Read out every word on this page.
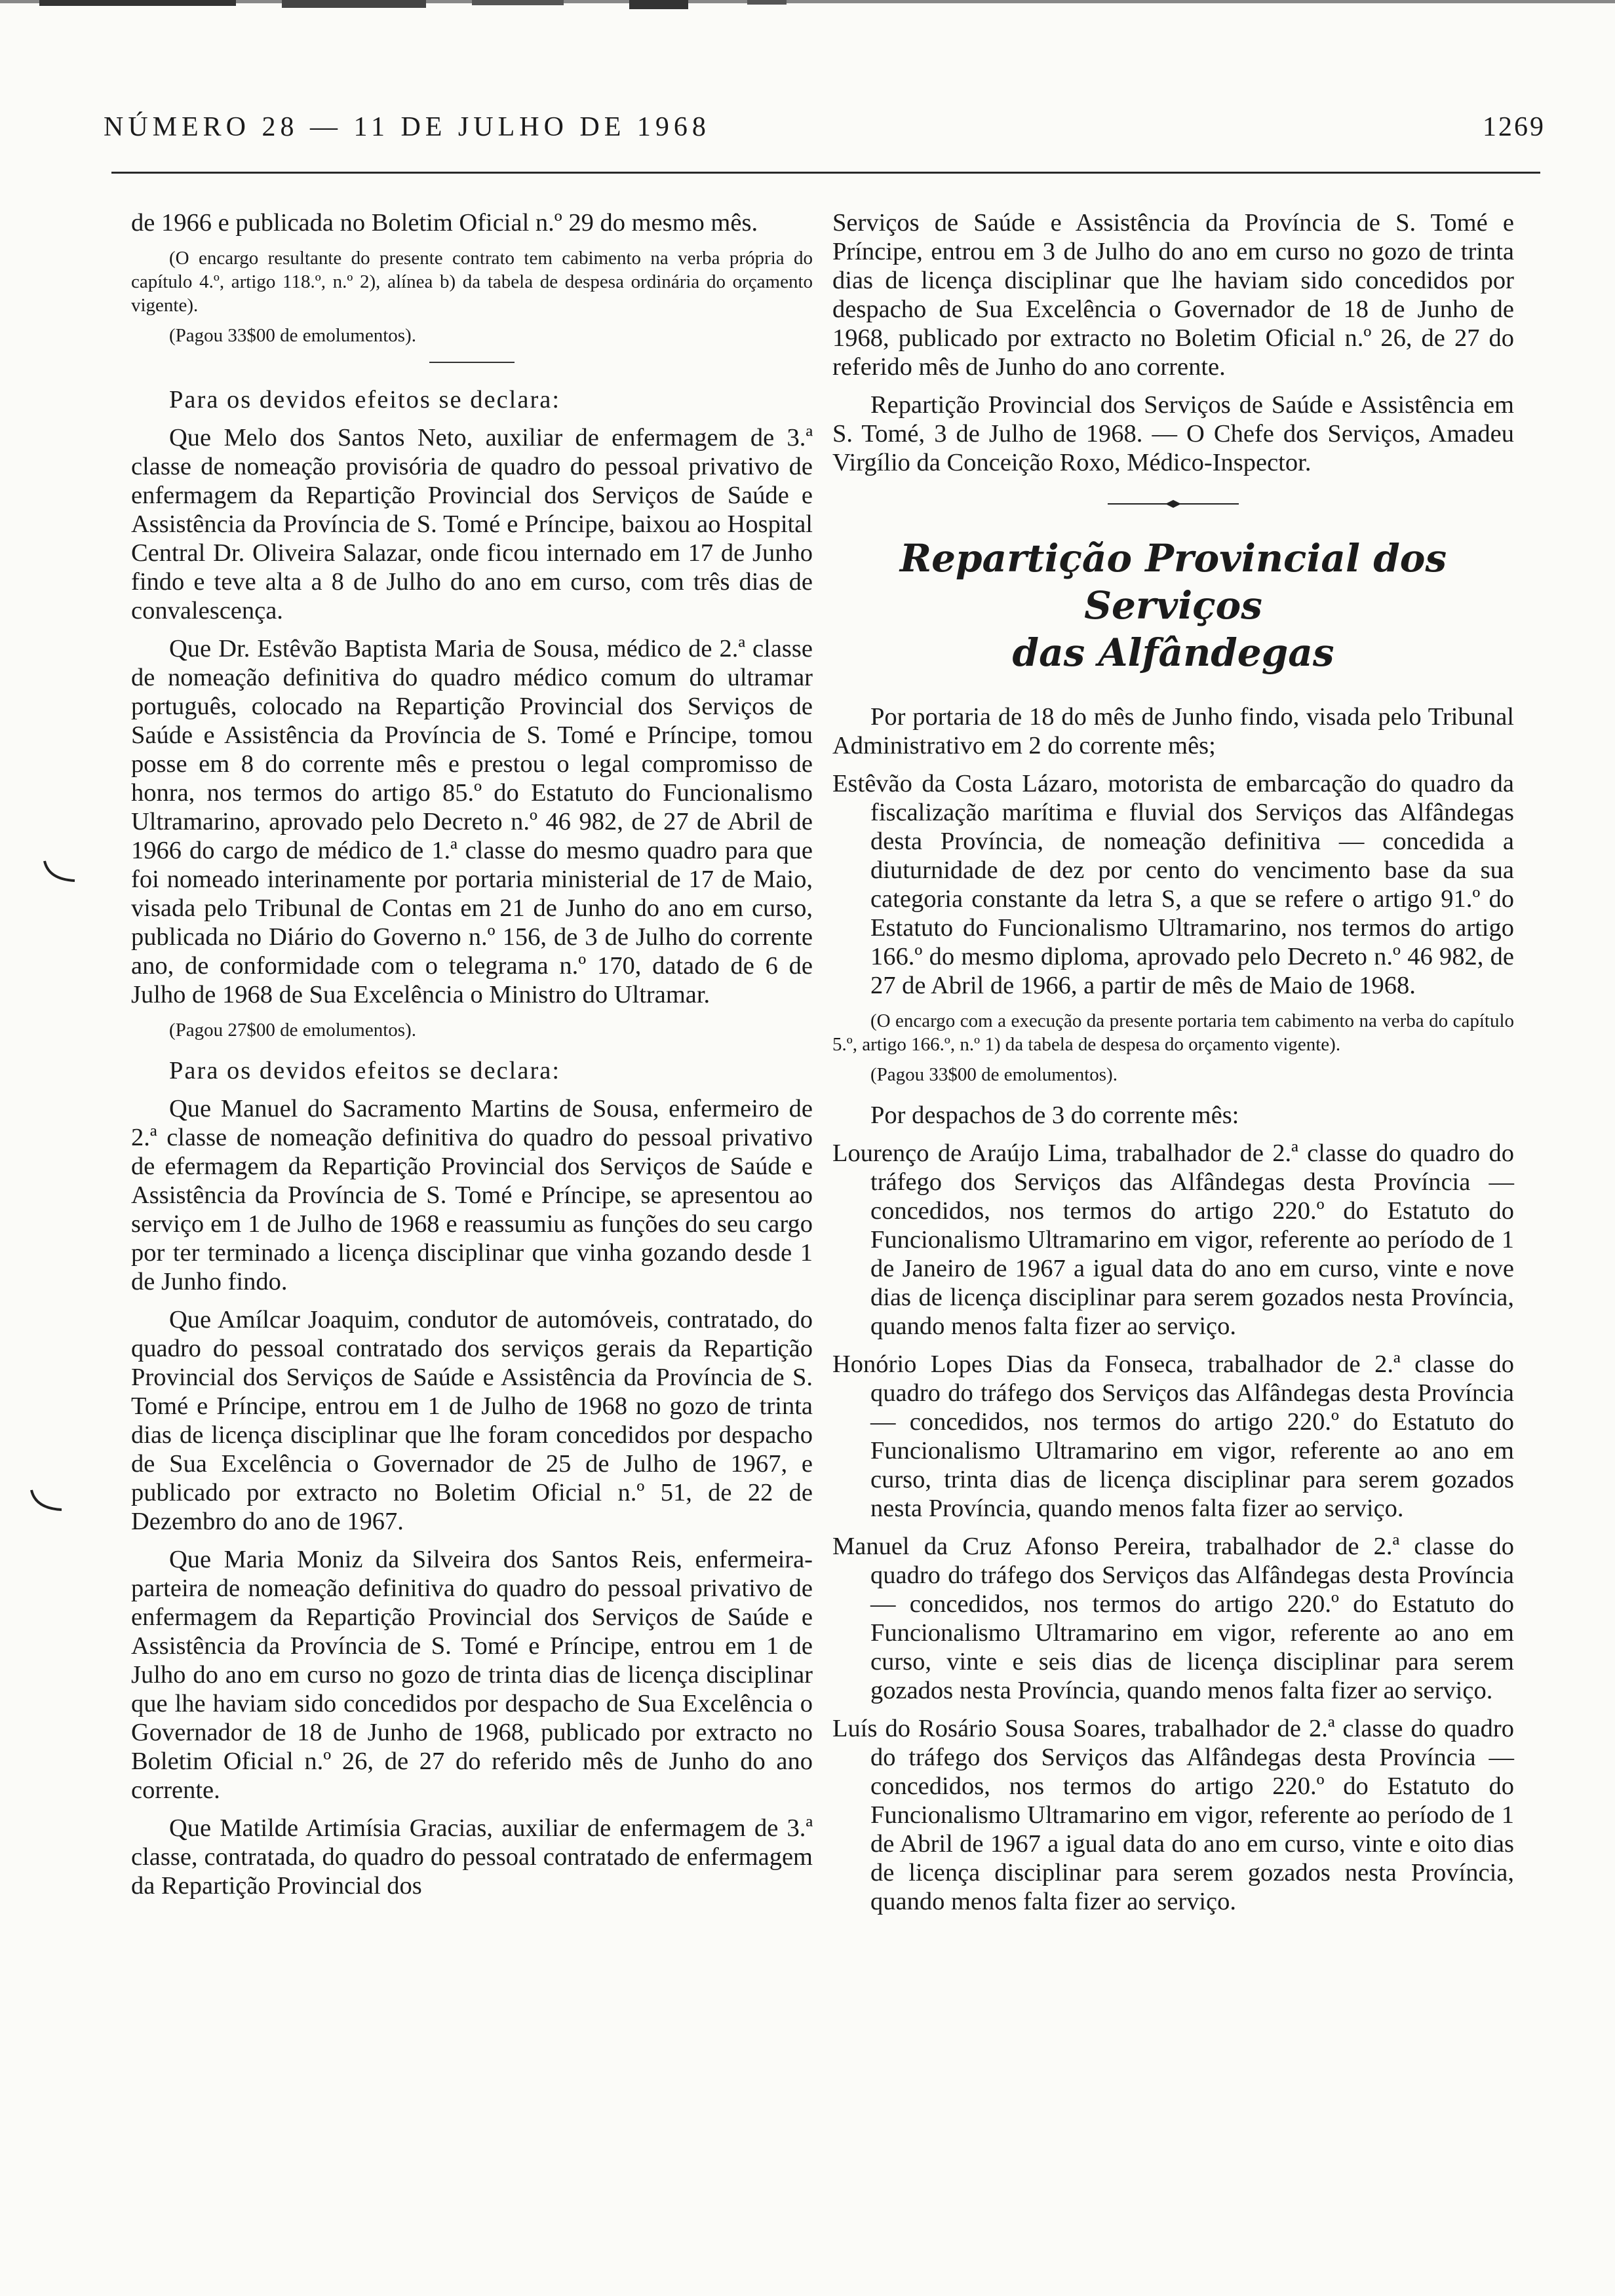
NÚMERO 28 — 11 DE JULHO DE 1968	1269

de 1966 e publicada no Boletim Oficial n.º 29 do mesmo mês.

(O encargo resultante do presente contrato tem cabimento na verba própria do capítulo 4.º, artigo 118.º, n.º 2), alínea b) da tabela de despesa ordinária do orçamento vigente).

(Pagou 33$00 de emolumentos).

Para os devidos efeitos se declara:

Que Melo dos Santos Neto, auxiliar de enfermagem de 3.ª classe de nomeação provisória de quadro do pessoal privativo de enfermagem da Repartição Provincial dos Serviços de Saúde e Assistência da Província de S. Tomé e Príncipe, baixou ao Hospital Central Dr. Oliveira Salazar, onde ficou internado em 17 de Junho findo e teve alta a 8 de Julho do ano em curso, com três dias de convalescença.

Que Dr. Estêvão Baptista Maria de Sousa, médico de 2.ª classe de nomeação definitiva do quadro médico comum do ultramar português, colocado na Repartição Provincial dos Serviços de Saúde e Assistência da Província de S. Tomé e Príncipe, tomou posse em 8 do corrente mês e prestou o legal compromisso de honra, nos termos do artigo 85.º do Estatuto do Funcionalismo Ultramarino, aprovado pelo Decreto n.º 46 982, de 27 de Abril de 1966 do cargo de médico de 1.ª classe do mesmo quadro para que foi nomeado interinamente por portaria ministerial de 17 de Maio, visada pelo Tribunal de Contas em 21 de Junho do ano em curso, publicada no Diário do Governo n.º 156, de 3 de Julho do corrente ano, de conformidade com o telegrama n.º 170, datado de 6 de Julho de 1968 de Sua Excelência o Ministro do Ultramar.

(Pagou 27$00 de emolumentos).

Para os devidos efeitos se declara:

Que Manuel do Sacramento Martins de Sousa, enfermeiro de 2.ª classe de nomeação definitiva do quadro do pessoal privativo de efermagem da Repartição Provincial dos Serviços de Saúde e Assistência da Província de S. Tomé e Príncipe, se apresentou ao serviço em 1 de Julho de 1968 e reassumiu as funções do seu cargo por ter terminado a licença disciplinar que vinha gozando desde 1 de Junho findo.

Que Amílcar Joaquim, condutor de automóveis, contratado, do quadro do pessoal contratado dos serviços gerais da Repartição Provincial dos Serviços de Saúde e Assistência da Província de S. Tomé e Príncipe, entrou em 1 de Julho de 1968 no gozo de trinta dias de licença disciplinar que lhe foram concedidos por despacho de Sua Excelência o Governador de 25 de Julho de 1967, e publicado por extracto no Boletim Oficial n.º 51, de 22 de Dezembro do ano de 1967.

Que Maria Moniz da Silveira dos Santos Reis, enfermeira-parteira de nomeação definitiva do quadro do pessoal privativo de enfermagem da Repartição Provincial dos Serviços de Saúde e Assistência da Província de S. Tomé e Príncipe, entrou em 1 de Julho do ano em curso no gozo de trinta dias de licença disciplinar que lhe haviam sido concedidos por despacho de Sua Excelência o Governador de 18 de Junho de 1968, publicado por extracto no Boletim Oficial n.º 26, de 27 do referido mês de Junho do ano corrente.

Que Matilde Artimísia Gracias, auxiliar de enfermagem de 3.ª classe, contratada, do quadro do pessoal contratado de enfermagem da Repartição Provincial dos

Serviços de Saúde e Assistência da Província de S. Tomé e Príncipe, entrou em 3 de Julho do ano em curso no gozo de trinta dias de licença disciplinar que lhe haviam sido concedidos por despacho de Sua Excelência o Governador de 18 de Junho de 1968, publicado por extracto no Boletim Oficial n.º 26, de 27 do referido mês de Junho do ano corrente.

Repartição Provincial dos Serviços de Saúde e Assistência em S. Tomé, 3 de Julho de 1968. — O Chefe dos Serviços, Amadeu Virgílio da Conceição Roxo, Médico-Inspector.

Repartição Provincial dos Serviços
das Alfândegas

Por portaria de 18 do mês de Junho findo, visada pelo Tribunal Administrativo em 2 do corrente mês;

Estêvão da Costa Lázaro, motorista de embarcação do quadro da fiscalização marítima e fluvial dos Serviços das Alfândegas desta Província, de nomeação definitiva — concedida a diuturnidade de dez por cento do vencimento base da sua categoria constante da letra S, a que se refere o artigo 91.º do Estatuto do Funcionalismo Ultramarino, nos termos do artigo 166.º do mesmo diploma, aprovado pelo Decreto n.º 46 982, de 27 de Abril de 1966, a partir de mês de Maio de 1968.

(O encargo com a execução da presente portaria tem cabimento na verba do capítulo 5.º, artigo 166.º, n.º 1) da tabela de despesa do orçamento vigente).

(Pagou 33$00 de emolumentos).

Por despachos de 3 do corrente mês:

Lourenço de Araújo Lima, trabalhador de 2.ª classe do quadro do tráfego dos Serviços das Alfândegas desta Província — concedidos, nos termos do artigo 220.º do Estatuto do Funcionalismo Ultramarino em vigor, referente ao período de 1 de Janeiro de 1967 a igual data do ano em curso, vinte e nove dias de licença disciplinar para serem gozados nesta Província, quando menos falta fizer ao serviço.

Honório Lopes Dias da Fonseca, trabalhador de 2.ª classe do quadro do tráfego dos Serviços das Alfândegas desta Província — concedidos, nos termos do artigo 220.º do Estatuto do Funcionalismo Ultramarino em vigor, referente ao ano em curso, trinta dias de licença disciplinar para serem gozados nesta Província, quando menos falta fizer ao serviço.

Manuel da Cruz Afonso Pereira, trabalhador de 2.ª classe do quadro do tráfego dos Serviços das Alfândegas desta Província — concedidos, nos termos do artigo 220.º do Estatuto do Funcionalismo Ultramarino em vigor, referente ao ano em curso, vinte e seis dias de licença disciplinar para serem gozados nesta Província, quando menos falta fizer ao serviço.

Luís do Rosário Sousa Soares, trabalhador de 2.ª classe do quadro do tráfego dos Serviços das Alfândegas desta Província — concedidos, nos termos do artigo 220.º do Estatuto do Funcionalismo Ultramarino em vigor, referente ao período de 1 de Abril de 1967 a igual data do ano em curso, vinte e oito dias de licença disciplinar para serem gozados nesta Província, quando menos falta fizer ao serviço.
